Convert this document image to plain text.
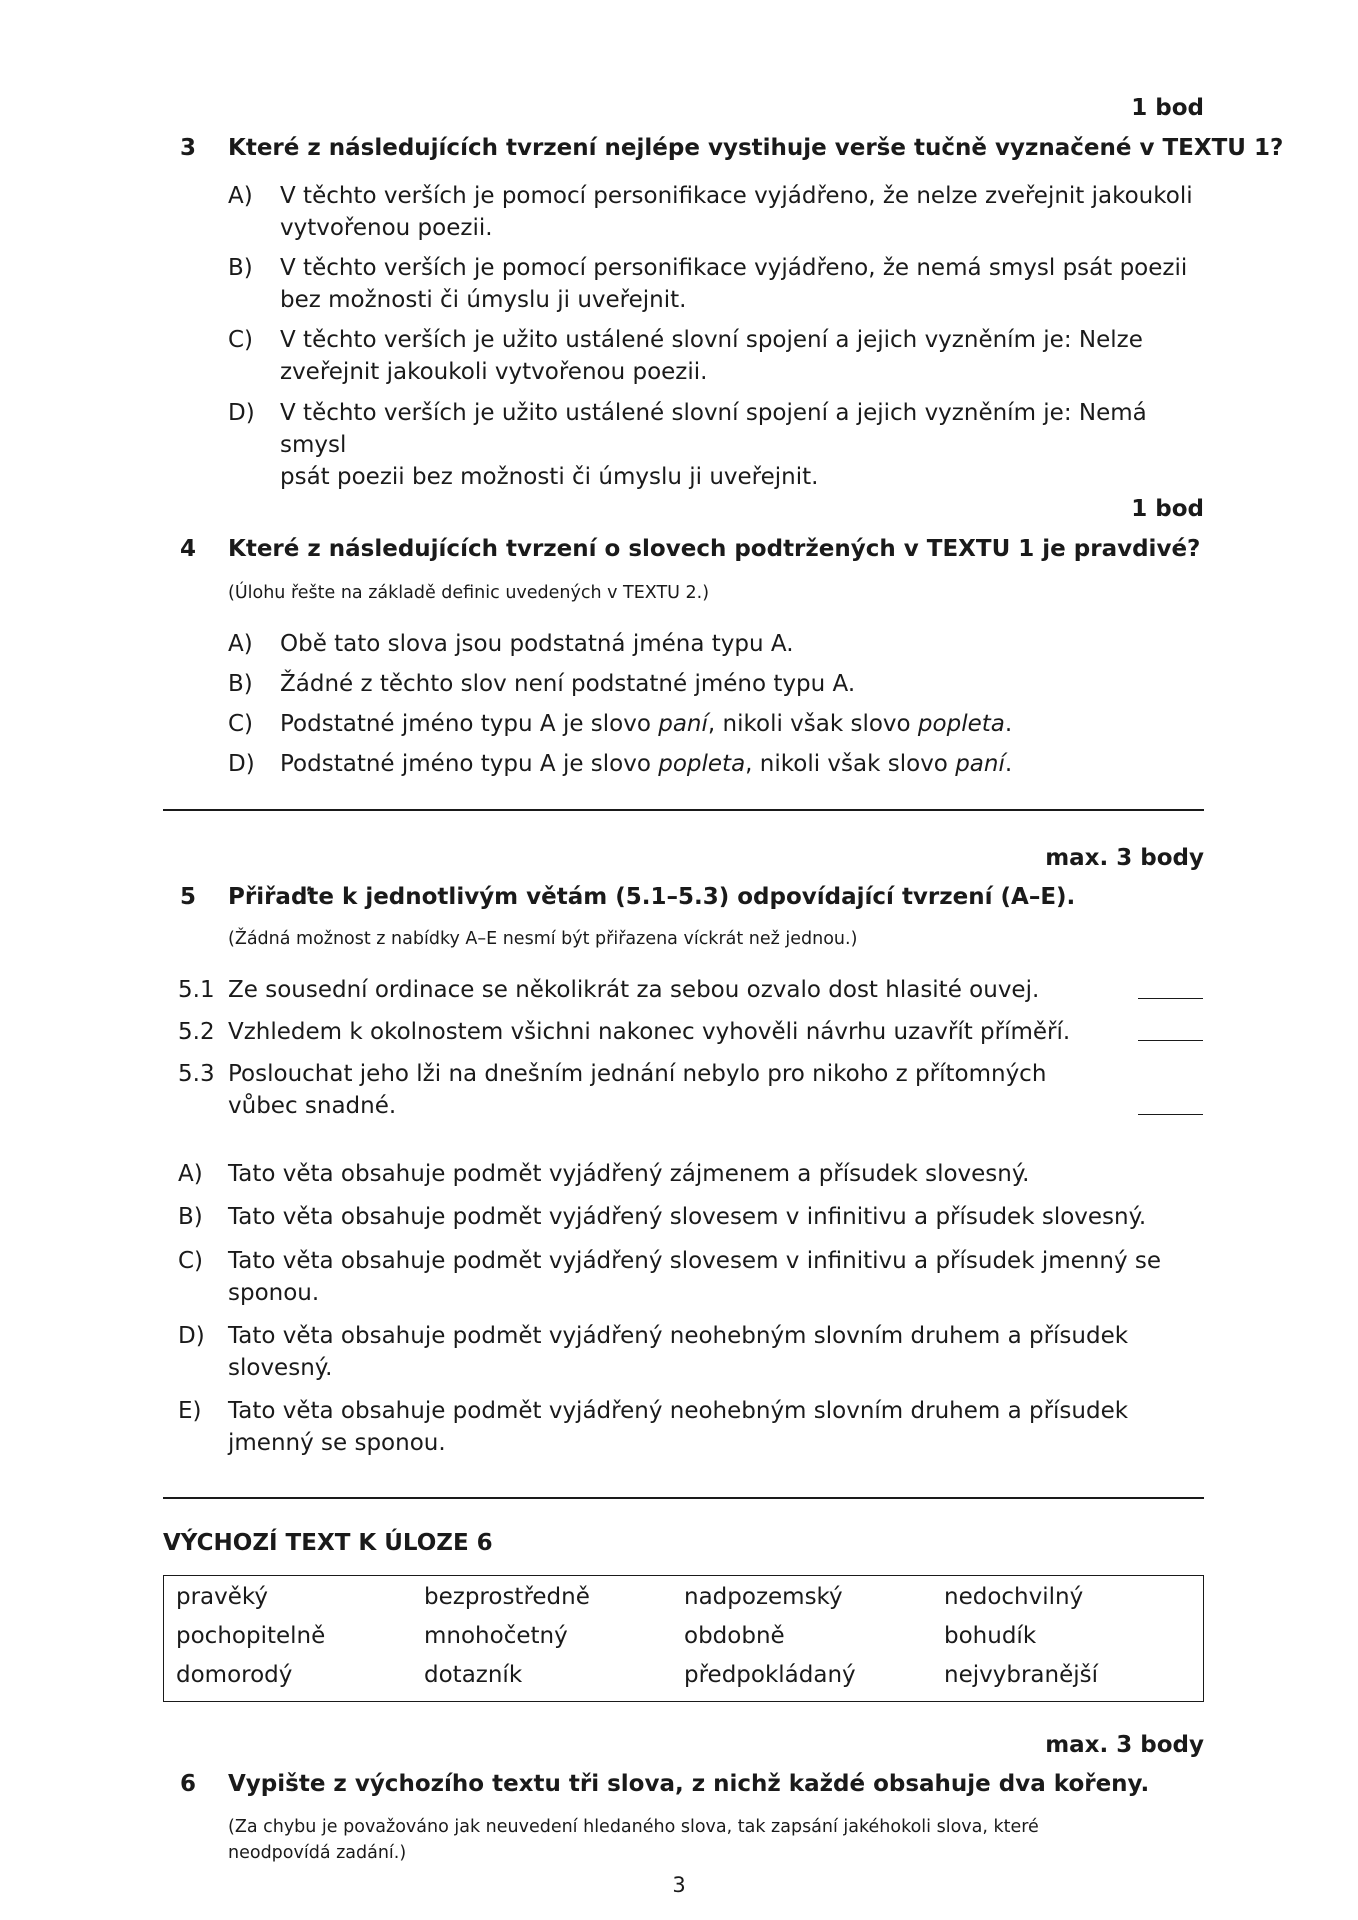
1 bod
3 Které z následujících tvrzení nejlépe vystihuje verše tučně vyznačené v TEXTU 1?
A) V těchto verších je pomocí personifikace vyjádřeno, že nelze zveřejnit jakoukoli
vytvořenou poezii.
B) V těchto verších je pomocí personifikace vyjádřeno, že nemá smysl psát poezii
bez možnosti či úmyslu ji uveřejnit.
C) V těchto verších je užito ustálené slovní spojení a jejich vyzněním je: Nelze
zveřejnit jakoukoli vytvořenou poezii.
D) V těchto verších je užito ustálené slovní spojení a jejich vyzněním je: Nemá smysl
psát poezii bez možnosti či úmyslu ji uveřejnit.
1 bod
4 Které z následujících tvrzení o slovech podtržených v TEXTU 1 je pravdivé?
(Úlohu řešte na základě definic uvedených v TEXTU 2.)
A) Obě tato slova jsou podstatná jména typu A.
B) Žádné z těchto slov není podstatné jméno typu A.
C) Podstatné jméno typu A je slovo paní, nikoli však slovo popleta.
D) Podstatné jméno typu A je slovo popleta, nikoli však slovo paní.
max. 3 body
5 Přiřaďte k jednotlivým větám (5.1–5.3) odpovídající tvrzení (A–E).
(Žádná možnost z nabídky A–E nesmí být přiřazena víckrát než jednou.)
5.1 Ze sousední ordinace se několikrát za sebou ozvalo dost hlasité ouvej.
5.2 Vzhledem k okolnostem všichni nakonec vyhověli návrhu uzavřít příměří.
5.3 Poslouchat jeho lži na dnešním jednání nebylo pro nikoho z přítomných
vůbec snadné.
A) Tato věta obsahuje podmět vyjádřený zájmenem a přísudek slovesný.
B) Tato věta obsahuje podmět vyjádřený slovesem v infinitivu a přísudek slovesný.
C) Tato věta obsahuje podmět vyjádřený slovesem v infinitivu a přísudek jmenný se
sponou.
D) Tato věta obsahuje podmět vyjádřený neohebným slovním druhem a přísudek
slovesný.
E) Tato věta obsahuje podmět vyjádřený neohebným slovním druhem a přísudek
jmenný se sponou.
VÝCHOZÍ TEXT K ÚLOZE 6
pravěký	bezprostředně	nadpozemský	nedochvilný
pochopitelně	mnohočetný	obdobně	bohudík
domorodý	dotazník	předpokládaný	nejvybranější
max. 3 body
6 Vypište z výchozího textu tři slova, z nichž každé obsahuje dva kořeny.
(Za chybu je považováno jak neuvedení hledaného slova, tak zapsání jakéhokoli slova, které
neodpovídá zadání.)
3
